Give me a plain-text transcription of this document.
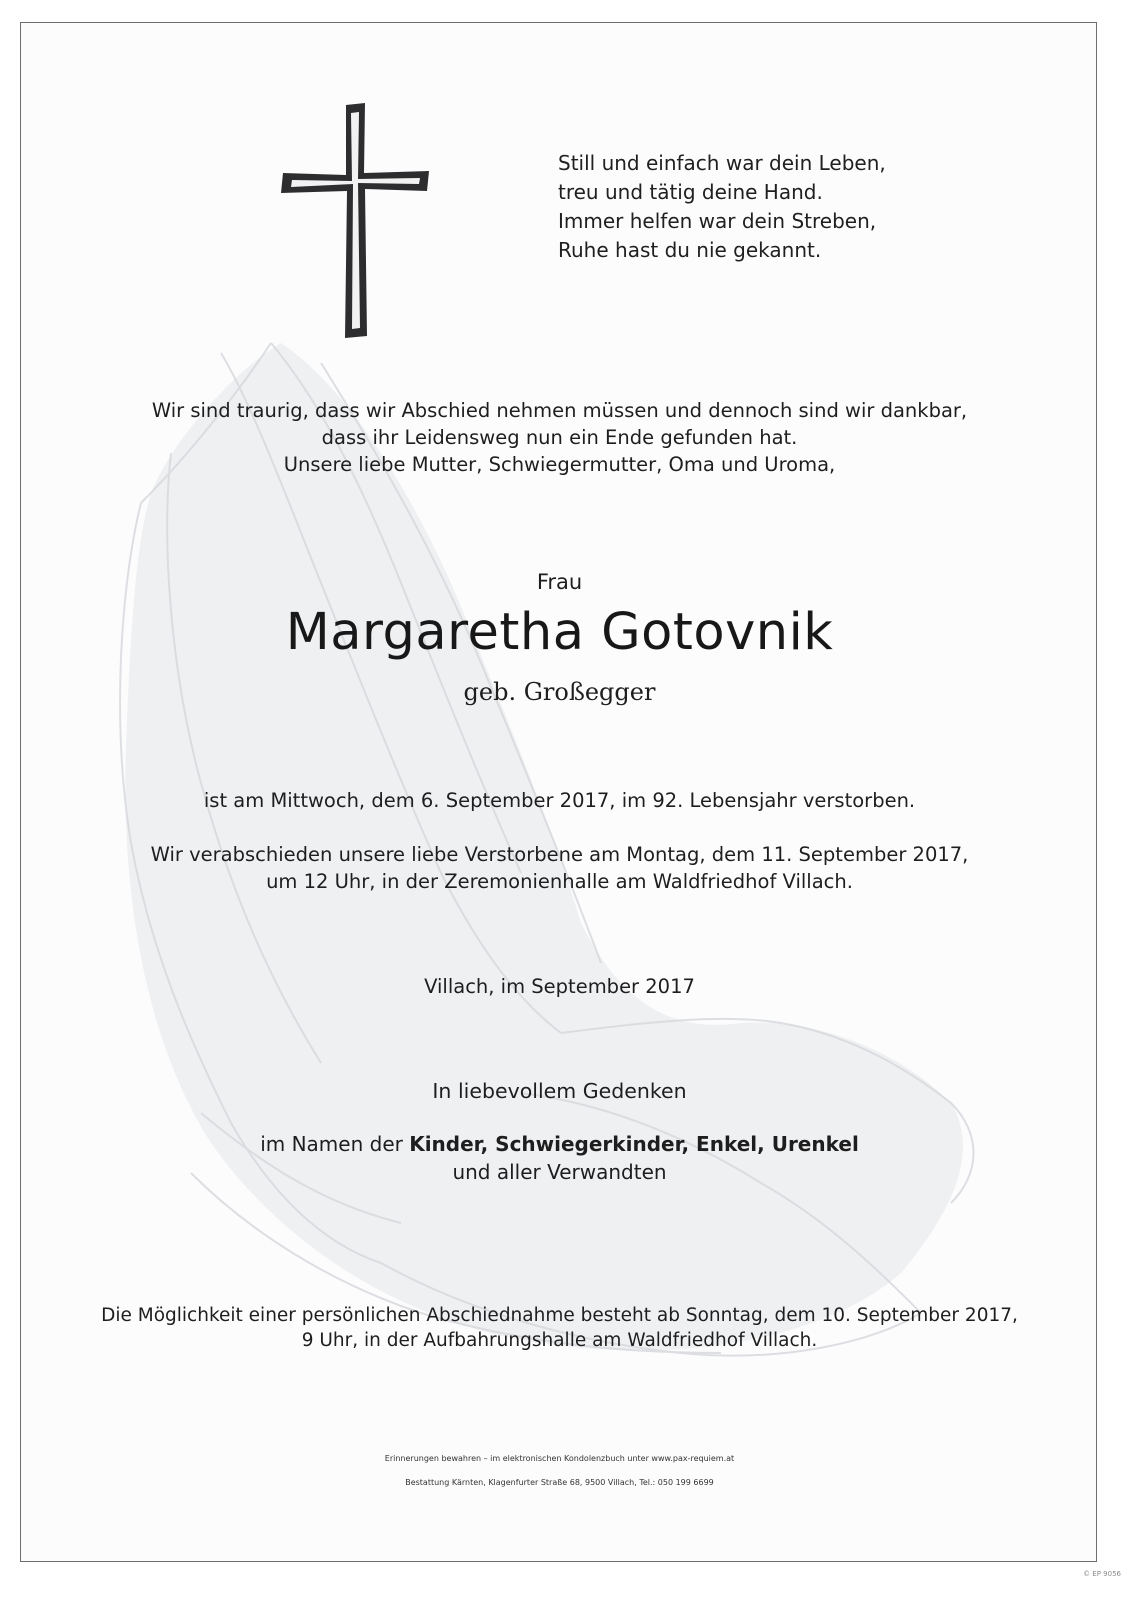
Still und einfach war dein Leben,
treu und tätig deine Hand.
Immer helfen war dein Streben,
Ruhe hast du nie gekannt.
Wir sind traurig, dass wir Abschied nehmen müssen und dennoch sind wir dankbar,
dass ihr Leidensweg nun ein Ende gefunden hat.
Unsere liebe Mutter, Schwiegermutter, Oma und Uroma,
Frau
Margaretha Gotovnik
geb. Großegger
ist am Mittwoch, dem 6. September 2017, im 92. Lebensjahr verstorben.
Wir verabschieden unsere liebe Verstorbene am Montag, dem 11. September 2017,
um 12 Uhr, in der Zeremonienhalle am Waldfriedhof Villach.
Villach, im September 2017
In liebevollem Gedenken
im Namen der Kinder, Schwiegerkinder, Enkel, Urenkel
und aller Verwandten
Die Möglichkeit einer persönlichen Abschiednahme besteht ab Sonntag, dem 10. September 2017,
9 Uhr, in der Aufbahrungshalle am Waldfriedhof Villach.
Erinnerungen bewahren – im elektronischen Kondolenzbuch unter www.pax-requiem.at
Bestattung Kärnten, Klagenfurter Straße 68, 9500 Villach, Tel.: 050 199 6699
© EP 9056
